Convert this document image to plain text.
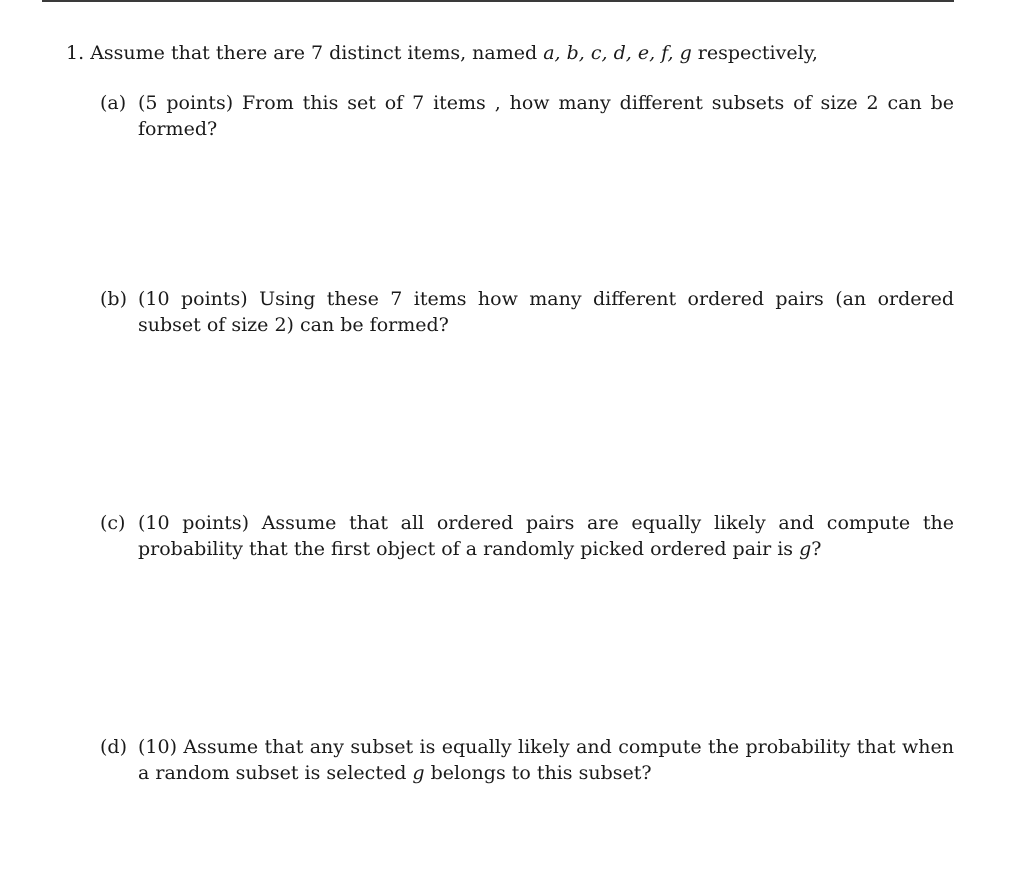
1. Assume that there are 7 distinct items, named a, b, c, d, e, f, g respectively,
(a) (5 points) From this set of 7 items , how many different subsets of size 2 can be formed?
(b) (10 points) Using these 7 items how many different ordered pairs (an ordered subset of size 2) can be formed?
(c) (10 points) Assume that all ordered pairs are equally likely and compute the probability that the first object of a randomly picked ordered pair is g?
(d) (10) Assume that any subset is equally likely and compute the probability that when a random subset is selected g belongs to this subset?
